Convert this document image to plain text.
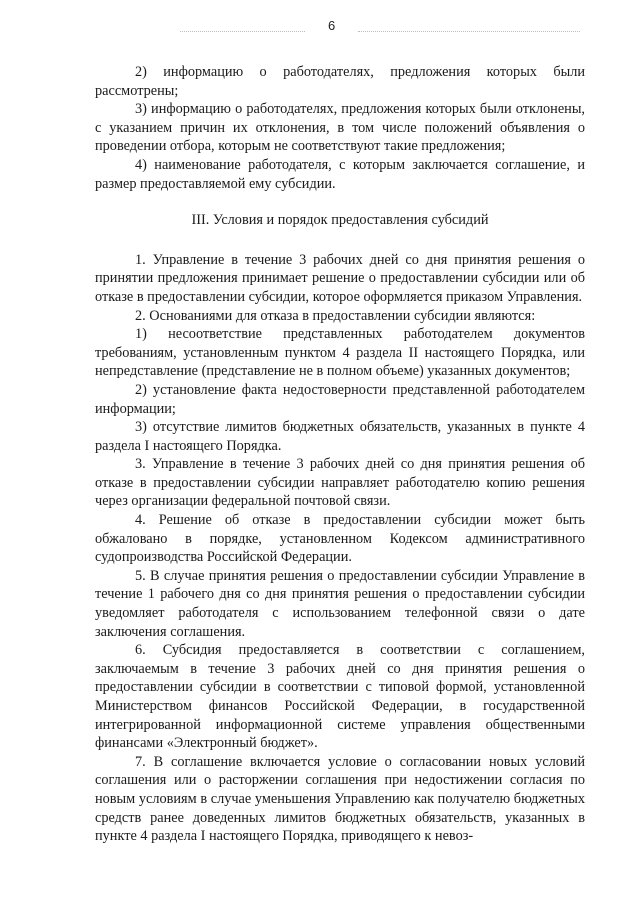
6

2) информацию о работодателях, предложения которых были рассмотрены;

3) информацию о работодателях, предложения которых были отклонены, с указанием причин их отклонения, в том числе положений объявления о проведении отбора, которым не соответствуют такие предложения;

4) наименование работодателя, с которым заключается соглашение, и размер предоставляемой ему субсидии.

III. Условия и порядок предоставления субсидий

1. Управление в течение 3 рабочих дней со дня принятия решения о принятии предложения принимает решение о предоставлении субсидии или об отказе в предоставлении субсидии, которое оформляется приказом Управления.

2. Основаниями для отказа в предоставлении субсидии являются:

1) несоответствие представленных работодателем документов требованиям, установленным пунктом 4 раздела II настоящего Порядка, или непредставление (представление не в полном объеме) указанных документов;

2) установление факта недостоверности представленной работодателем информации;

3) отсутствие лимитов бюджетных обязательств, указанных в пункте 4 раздела I настоящего Порядка.

3. Управление в течение 3 рабочих дней со дня принятия решения об отказе в предоставлении субсидии направляет работодателю копию решения через организации федеральной почтовой связи.

4. Решение об отказе в предоставлении субсидии может быть обжаловано в порядке, установленном Кодексом административного судопроизводства Российской Федерации.

5. В случае принятия решения о предоставлении субсидии Управление в течение 1 рабочего дня со дня принятия решения о предоставлении субсидии уведомляет работодателя с использованием телефонной связи о дате заключения соглашения.

6. Субсидия предоставляется в соответствии с соглашением, заключаемым в течение 3 рабочих дней со дня принятия решения о предоставлении субсидии в соответствии с типовой формой, установленной Министерством финансов Российской Федерации, в государственной интегрированной информационной системе управления общественными финансами «Электронный бюджет».

7. В соглашение включается условие о согласовании новых условий соглашения или о расторжении соглашения при недостижении согласия по новым условиям в случае уменьшения Управлению как получателю бюджетных средств ранее доведенных лимитов бюджетных обязательств, указанных в пункте 4 раздела I настоящего Порядка, приводящего к невоз-
